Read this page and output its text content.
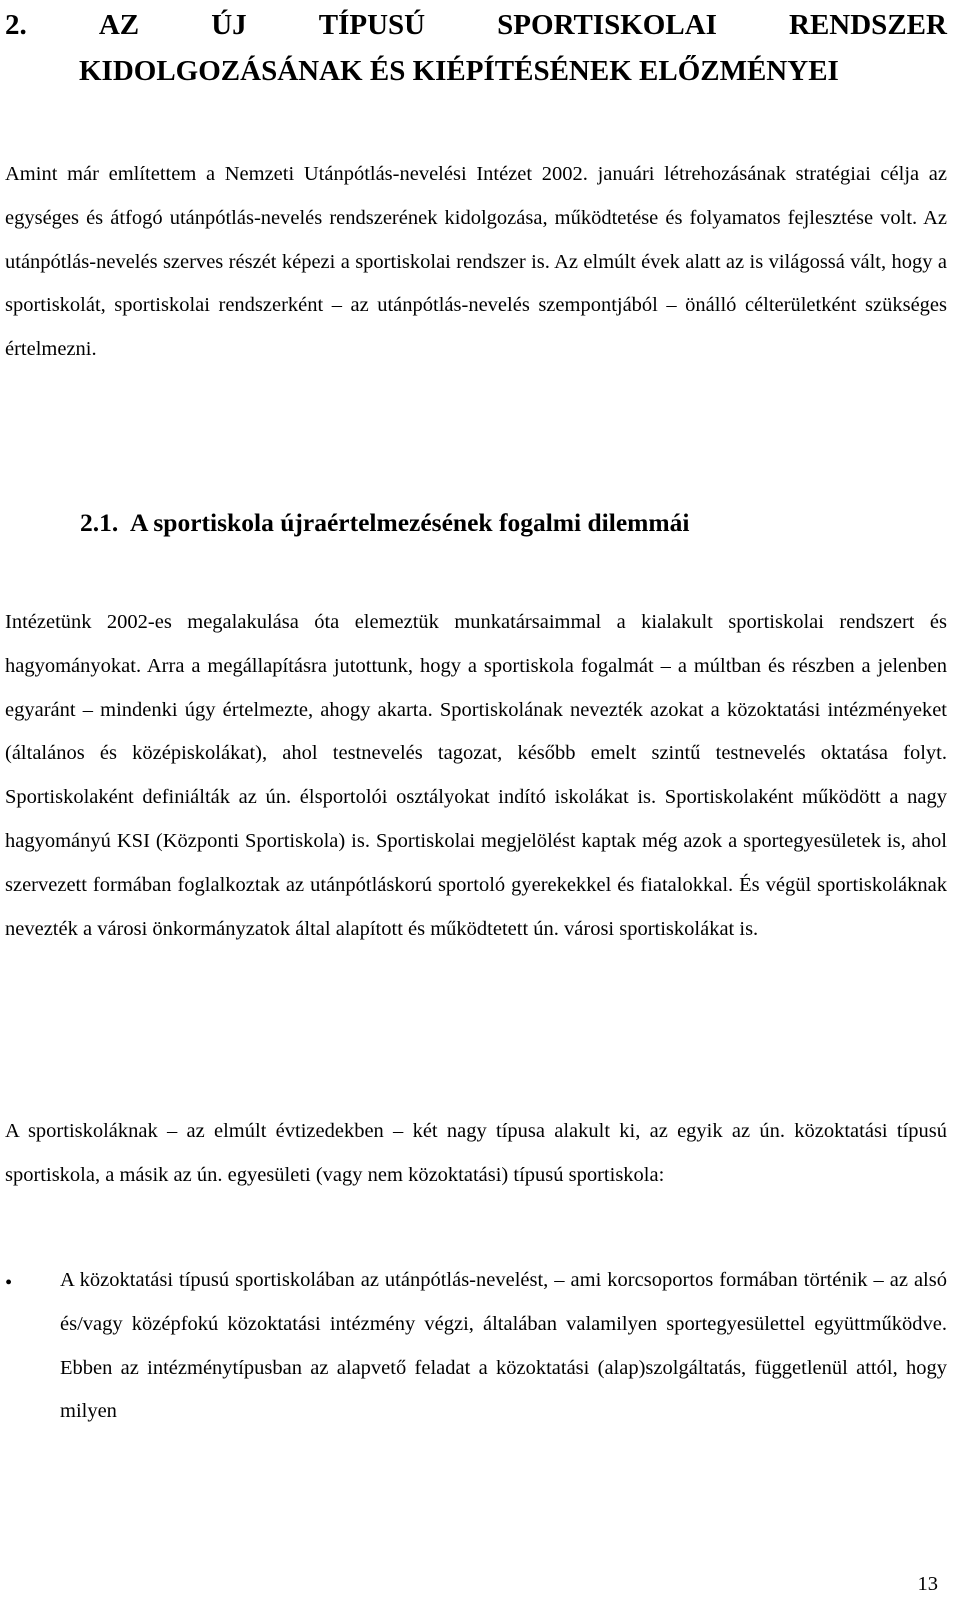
2. AZ ÚJ TÍPUSÚ SPORTISKOLAI RENDSZER
KIDOLGOZÁSÁNAK ÉS KIÉPÍTÉSÉNEK ELŐZMÉNYEI

Amint már említettem a Nemzeti Utánpótlás-nevelési Intézet 2002. januári létrehozásának stratégiai célja az egységes és átfogó utánpótlás-nevelés rendszerének kidolgozása, működtetése és folyamatos fejlesztése volt. Az utánpótlás-nevelés szerves részét képezi a sportiskolai rendszer is. Az elmúlt évek alatt az is világossá vált, hogy a sportiskolát, sportiskolai rendszerként – az utánpótlás-nevelés szempontjából – önálló célterületként szükséges értelmezni.

2.1. A sportiskola újraértelmezésének fogalmi dilemmái

Intézetünk 2002-es megalakulása óta elemeztük munkatársaimmal a kialakult sportiskolai rendszert és hagyományokat. Arra a megállapításra jutottunk, hogy a sportiskola fogalmát – a múltban és részben a jelenben egyaránt – mindenki úgy értelmezte, ahogy akarta. Sportiskolának nevezték azokat a közoktatási intézményeket (általános és középiskolákat), ahol testnevelés tagozat, később emelt szintű testnevelés oktatása folyt. Sportiskolaként definiálták az ún. élsportolói osztályokat indító iskolákat is. Sportiskolaként működött a nagy hagyományú KSI (Központi Sportiskola) is. Sportiskolai megjelölést kaptak még azok a sportegyesületek is, ahol szervezett formában foglalkoztak az utánpótláskorú sportoló gyerekekkel és fiatalokkal. És végül sportiskoláknak nevezték a városi önkormányzatok által alapított és működtetett ún. városi sportiskolákat is.

A sportiskoláknak – az elmúlt évtizedekben – két nagy típusa alakult ki, az egyik az ún. közoktatási típusú sportiskola, a másik az ún. egyesületi (vagy nem közoktatási) típusú sportiskola:

• A közoktatási típusú sportiskolában az utánpótlás-nevelést, – ami korcsoportos formában történik – az alsó és/vagy középfokú közoktatási intézmény végzi, általában valamilyen sportegyesülettel együttműködve. Ebben az intézménytípusban az alapvető feladat a közoktatási (alap)szolgáltatás, függetlenül attól, hogy milyen

13
